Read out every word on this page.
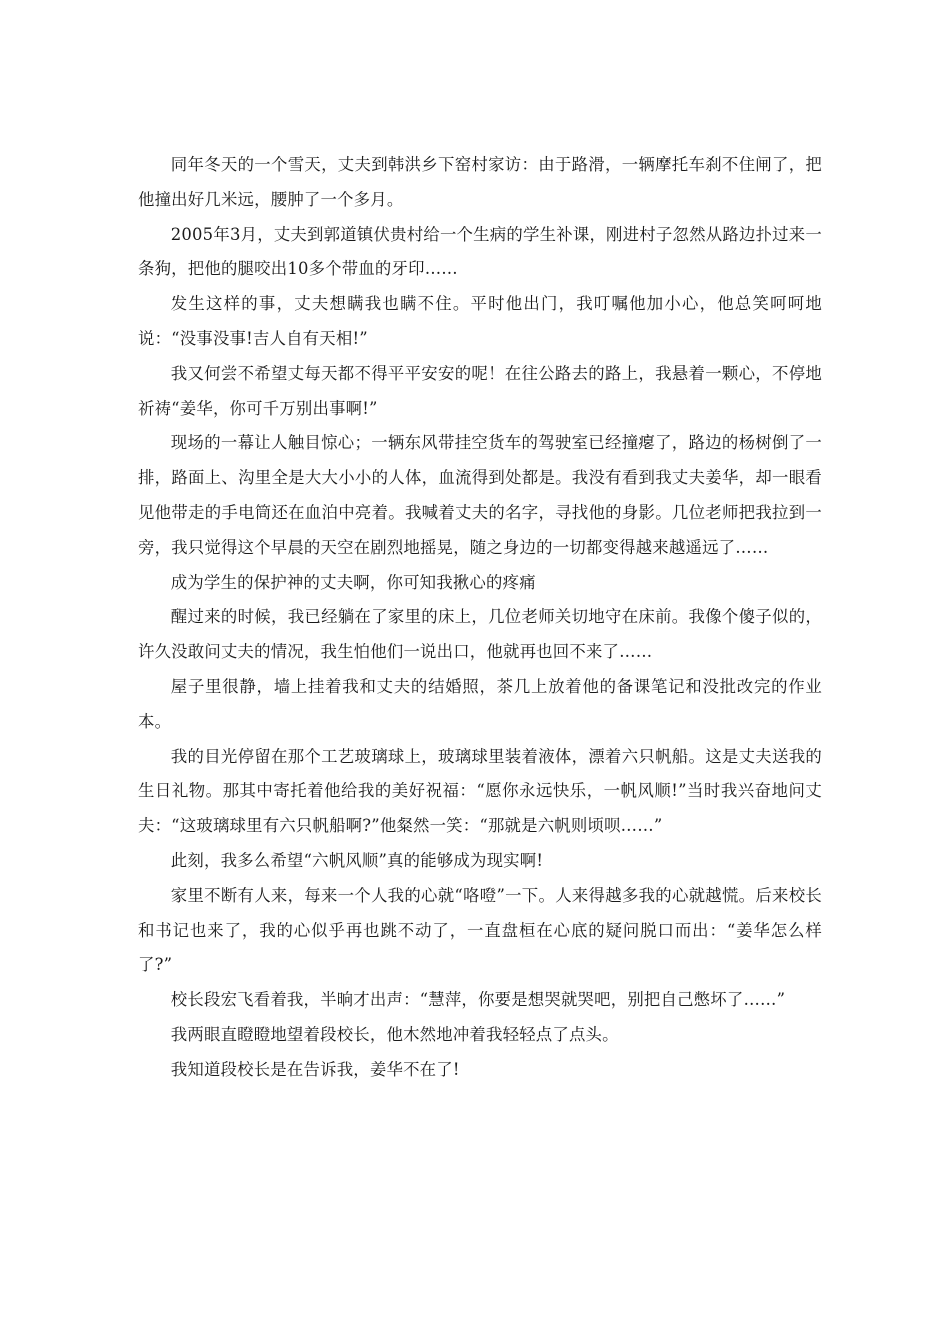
同年冬天的一个雪天，丈夫到韩洪乡下窑村家访：由于路滑，一辆摩托车刹不住闸了，把他撞出好几米远，腰肿了一个多月。

2005年3月，丈夫到郭道镇伏贵村给一个生病的学生补课，刚进村子忽然从路边扑过来一条狗，把他的腿咬出10多个带血的牙印……

发生这样的事，丈夫想瞒我也瞒不住。平时他出门，我叮嘱他加小心，他总笑呵呵地说：“没事没事!吉人自有天相!”

我又何尝不希望丈每天都不得平平安安的呢！在往公路去的路上，我悬着一颗心，不停地祈祷“姜华，你可千万别出事啊!”

现场的一幕让人触目惊心；一辆东风带挂空货车的驾驶室已经撞瘪了，路边的杨树倒了一排，路面上、沟里全是大大小小的人体，血流得到处都是。我没有看到我丈夫姜华，却一眼看见他带走的手电筒还在血泊中亮着。我喊着丈夫的名字，寻找他的身影。几位老师把我拉到一旁，我只觉得这个早晨的天空在剧烈地摇晃，随之身边的一切都变得越来越遥远了……

成为学生的保护神的丈夫啊，你可知我揪心的疼痛

醒过来的时候，我已经躺在了家里的床上，几位老师关切地守在床前。我像个傻子似的，许久没敢问丈夫的情况，我生怕他们一说出口，他就再也回不来了……

屋子里很静，墙上挂着我和丈夫的结婚照，茶几上放着他的备课笔记和没批改完的作业本。

我的目光停留在那个工艺玻璃球上，玻璃球里装着液体，漂着六只帆船。这是丈夫送我的生日礼物。那其中寄托着他给我的美好祝福：“愿你永远快乐，一帆风顺!”当时我兴奋地问丈夫：“这玻璃球里有六只帆船啊?”他粲然一笑：“那就是六帆则顷呗……”

此刻，我多么希望“六帆风顺”真的能够成为现实啊!

家里不断有人来，每来一个人我的心就“咯噔”一下。人来得越多我的心就越慌。后来校长和书记也来了，我的心似乎再也跳不动了，一直盘桓在心底的疑问脱口而出：“姜华怎么样了?”

校长段宏飞看着我，半晌才出声：“慧萍，你要是想哭就哭吧，别把自己憋坏了……”

我两眼直瞪瞪地望着段校长，他木然地冲着我轻轻点了点头。

我知道段校长是在告诉我，姜华不在了!
